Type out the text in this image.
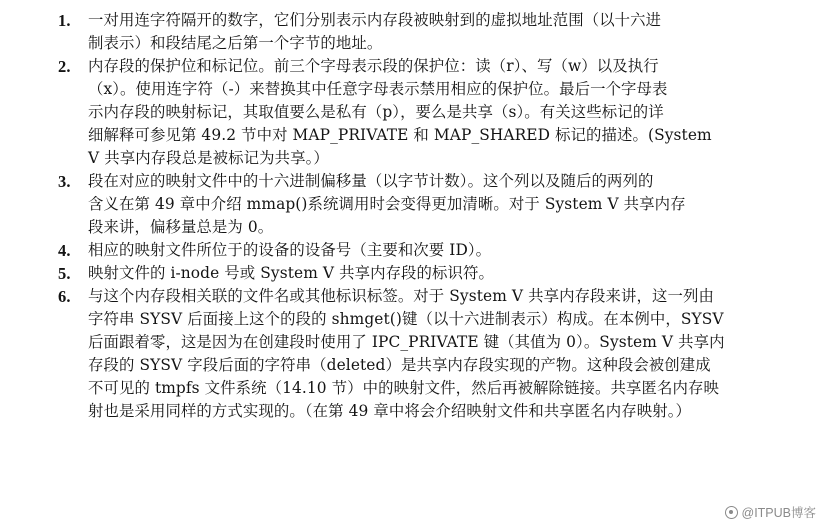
1. 一对用连字符隔开的数字，它们分别表示内存段被映射到的虚拟地址范围（以十六进
制表示）和段结尾之后第一个字节的地址。
2. 内存段的保护位和标记位。前三个字母表示段的保护位：读（r）、写（w）以及执行
（x）。使用连字符（-）来替换其中任意字母表示禁用相应的保护位。最后一个字母表
示内存段的映射标记，其取值要么是私有（p），要么是共享（s）。有关这些标记的详
细解释可参见第 49.2 节中对 MAP_PRIVATE 和 MAP_SHARED 标记的描述。(System
V 共享内存段总是被标记为共享。）
3. 段在对应的映射文件中的十六进制偏移量（以字节计数）。这个列以及随后的两列的
含义在第 49 章中介绍 mmap()系统调用时会变得更加清晰。对于 System V 共享内存
段来讲，偏移量总是为 0。
4. 相应的映射文件所位于的设备的设备号（主要和次要 ID）。
5. 映射文件的 i-node 号或 System V 共享内存段的标识符。
6. 与这个内存段相关联的文件名或其他标识标签。对于 System V 共享内存段来讲，这一列由
字符串 SYSV 后面接上这个的段的 shmget()键（以十六进制表示）构成。在本例中，SYSV
后面跟着零，这是因为在创建段时使用了 IPC_PRIVATE 键（其值为 0）。System V 共享内
存段的 SYSV 字段后面的字符串（deleted）是共享内存段实现的产物。这种段会被创建成
不可见的 tmpfs 文件系统（14.10 节）中的映射文件，然后再被解除链接。共享匿名内存映
射也是采用同样的方式实现的。（在第 49 章中将会介绍映射文件和共享匿名内存映射。）
@ITPUB博客
